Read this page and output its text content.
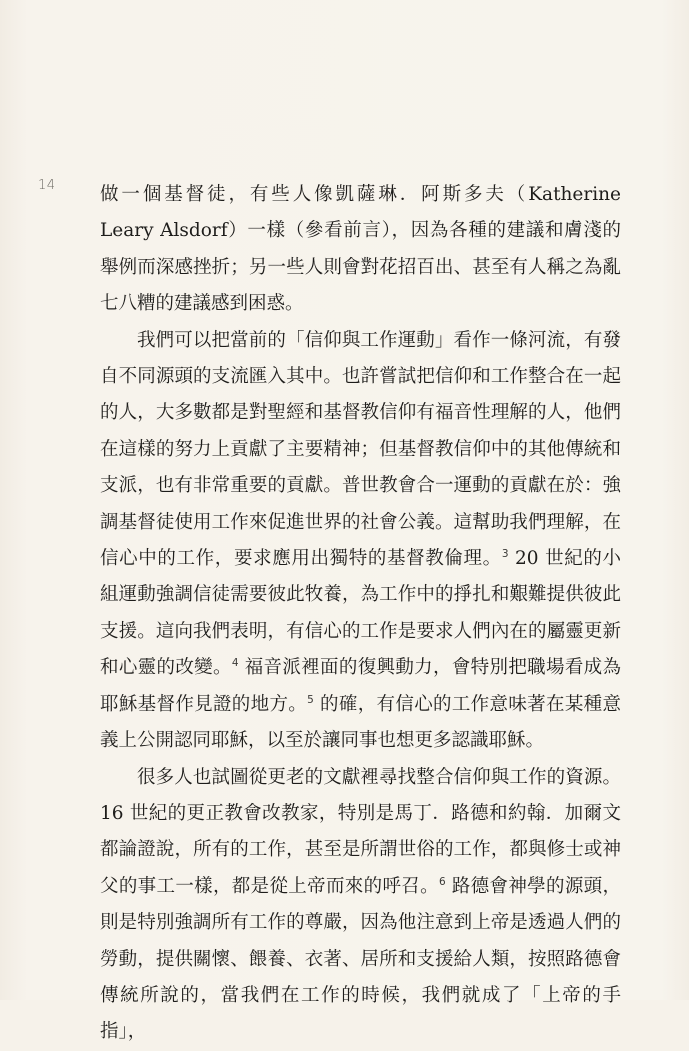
14 做一個基督徒，有些人像凱薩琳．阿斯多夫（Katherine Leary Alsdorf）一樣（參看前言），因為各種的建議和膚淺的舉例而深感挫折；另一些人則會對花招百出、甚至有人稱之為亂七八糟的建議感到困惑。

我們可以把當前的「信仰與工作運動」看作一條河流，有發自不同源頭的支流匯入其中。也許嘗試把信仰和工作整合在一起的人，大多數都是對聖經和基督教信仰有福音性理解的人，他們在這樣的努力上貢獻了主要精神；但基督教信仰中的其他傳統和支派，也有非常重要的貢獻。普世教會合一運動的貢獻在於：強調基督徒使用工作來促進世界的社會公義。這幫助我們理解，在信心中的工作，要求應用出獨特的基督教倫理。$^3$ 20 世紀的小組運動強調信徒需要彼此牧養，為工作中的掙扎和艱難提供彼此支援。這向我們表明，有信心的工作是要求人們內在的屬靈更新和心靈的改變。$^4$ 福音派裡面的復興動力，會特別把職場看成為耶穌基督作見證的地方。$^5$ 的確，有信心的工作意味著在某種意義上公開認同耶穌，以至於讓同事也想更多認識耶穌。

很多人也試圖從更老的文獻裡尋找整合信仰與工作的資源。16 世紀的更正教會改教家，特別是馬丁．路德和約翰．加爾文都論證說，所有的工作，甚至是所謂世俗的工作，都與修士或神父的事工一樣，都是從上帝而來的呼召。$^6$ 路德會神學的源頭，則是特別強調所有工作的尊嚴，因為他注意到上帝是透過人們的勞動，提供關懷、餵養、衣著、居所和支援給人類，按照路德會傳統所說的，當我們在工作的時候，我們就成了「上帝的手指」，
